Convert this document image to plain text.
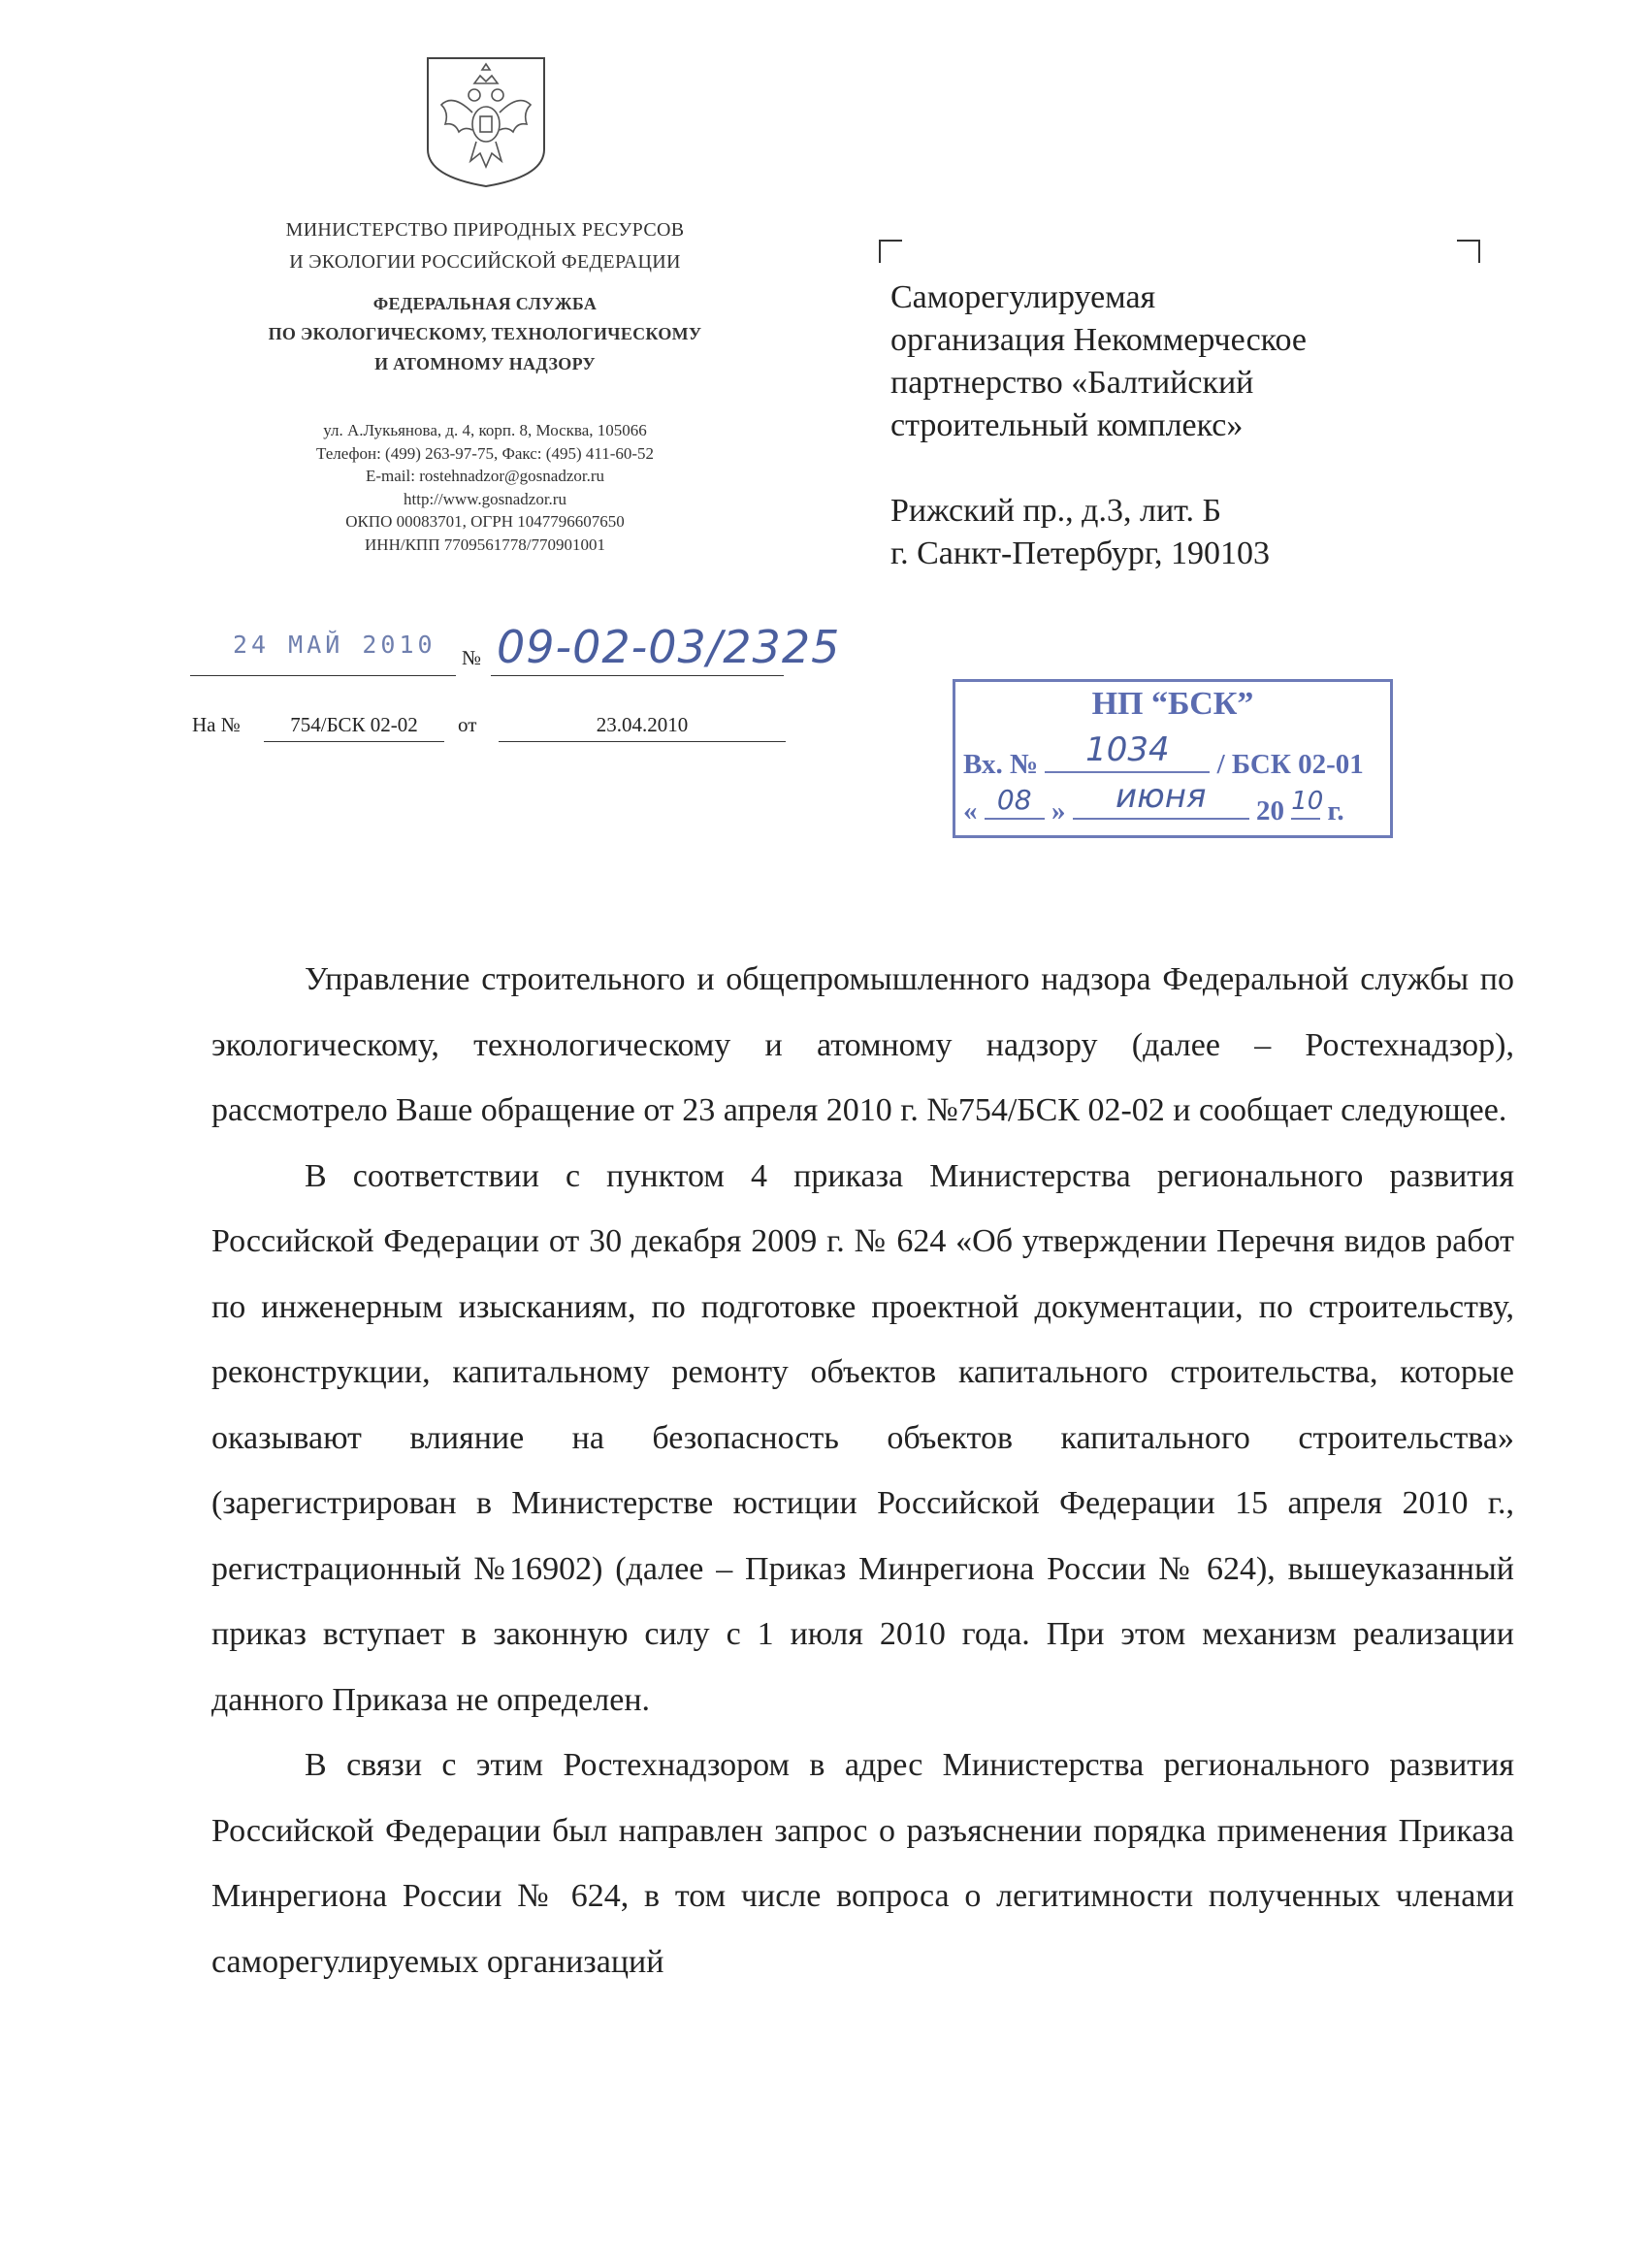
МИНИСТЕРСТВО ПРИРОДНЫХ РЕСУРСОВ
И ЭКОЛОГИИ РОССИЙСКОЙ ФЕДЕРАЦИИ
ФЕДЕРАЛЬНАЯ СЛУЖБА
ПО ЭКОЛОГИЧЕСКОМУ, ТЕХНОЛОГИЧЕСКОМУ
И АТОМНОМУ НАДЗОРУ
ул. А.Лукьянова, д. 4, корп. 8, Москва, 105066
Телефон: (499) 263-97-75, Факс: (495) 411-60-52
E-mail: rostehnadzor@gosnadzor.ru
http://www.gosnadzor.ru
ОКПО 00083701, ОГРН 1047796607650
ИНН/КПП 7709561778/770901001
Саморегулируемая
организация Некоммерческое
партнерство «Балтийский
строительный комплекс»
Рижский пр., д.3, лит. Б
г. Санкт-Петербург, 190103
24 МАЙ 2010 № 09-02-03/2325
На №	754/БСК 02-02	от	23.04.2010
НП “БСК”
Вх. №	1034	/ БСК 02-01
« 08 »	июня	20 10 г.

Управление строительного и общепромышленного надзора Федеральной службы по экологическому, технологическому и атомному надзору (далее – Ростехнадзор), рассмотрело Ваше обращение от 23 апреля 2010 г. №754/БСК 02-02 и сообщает следующее.

В соответствии с пунктом 4 приказа Министерства регионального развития Российской Федерации от 30 декабря 2009 г. № 624 «Об утверждении Перечня видов работ по инженерным изысканиям, по подготовке проектной документации, по строительству, реконструкции, капитальному ремонту объектов капитального строительства, которые оказывают влияние на безопасность объектов капитального строительства» (зарегистрирован в Министерстве юстиции Российской Федерации 15 апреля 2010 г., регистрационный №16902) (далее – Приказ Минрегиона России № 624), вышеуказанный приказ вступает в законную силу с 1 июля 2010 года. При этом механизм реализации данного Приказа не определен.

В связи с этим Ростехнадзором в адрес Министерства регионального развития Российской Федерации был направлен запрос о разъяснении порядка применения Приказа Минрегиона России № 624, в том числе вопроса о легитимности полученных членами саморегулируемых организаций
